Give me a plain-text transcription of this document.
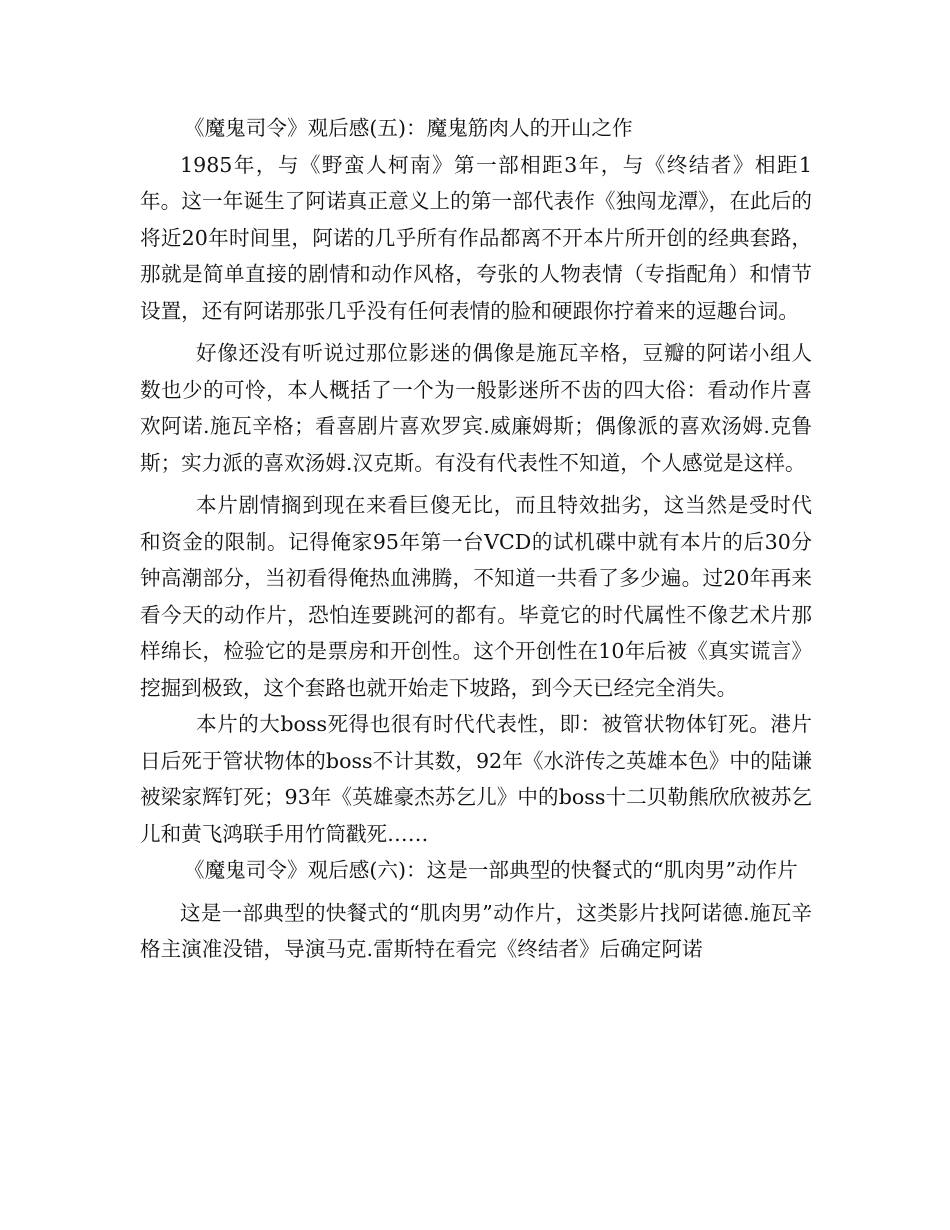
《魔鬼司令》观后感(五)：魔鬼筋肉人的开山之作

1985年，与《野蛮人柯南》第一部相距3年，与《终结者》相距1年。这一年诞生了阿诺真正意义上的第一部代表作《独闯龙潭》，在此后的将近20年时间里，阿诺的几乎所有作品都离不开本片所开创的经典套路，那就是简单直接的剧情和动作风格，夸张的人物表情（专指配角）和情节设置，还有阿诺那张几乎没有任何表情的脸和硬跟你拧着来的逗趣台词。

好像还没有听说过那位影迷的偶像是施瓦辛格，豆瓣的阿诺小组人数也少的可怜，本人概括了一个为一般影迷所不齿的四大俗：看动作片喜欢阿诺.施瓦辛格；看喜剧片喜欢罗宾.威廉姆斯；偶像派的喜欢汤姆.克鲁斯；实力派的喜欢汤姆.汉克斯。有没有代表性不知道，个人感觉是这样。

本片剧情搁到现在来看巨傻无比，而且特效拙劣，这当然是受时代和资金的限制。记得俺家95年第一台VCD的试机碟中就有本片的后30分钟高潮部分，当初看得俺热血沸腾，不知道一共看了多少遍。过20年再来看今天的动作片，恐怕连要跳河的都有。毕竟它的时代属性不像艺术片那样绵长，检验它的是票房和开创性。这个开创性在10年后被《真实谎言》挖掘到极致，这个套路也就开始走下坡路，到今天已经完全消失。

本片的大boss死得也很有时代代表性，即：被管状物体钉死。港片日后死于管状物体的boss不计其数，92年《水浒传之英雄本色》中的陆谦被梁家辉钉死；93年《英雄豪杰苏乞儿》中的boss十二贝勒熊欣欣被苏乞儿和黄飞鸿联手用竹筒戳死……

《魔鬼司令》观后感(六)：这是一部典型的快餐式的“肌肉男”动作片

这是一部典型的快餐式的“肌肉男”动作片，这类影片找阿诺德.施瓦辛格主演准没错，导演马克.雷斯特在看完《终结者》后确定阿诺
